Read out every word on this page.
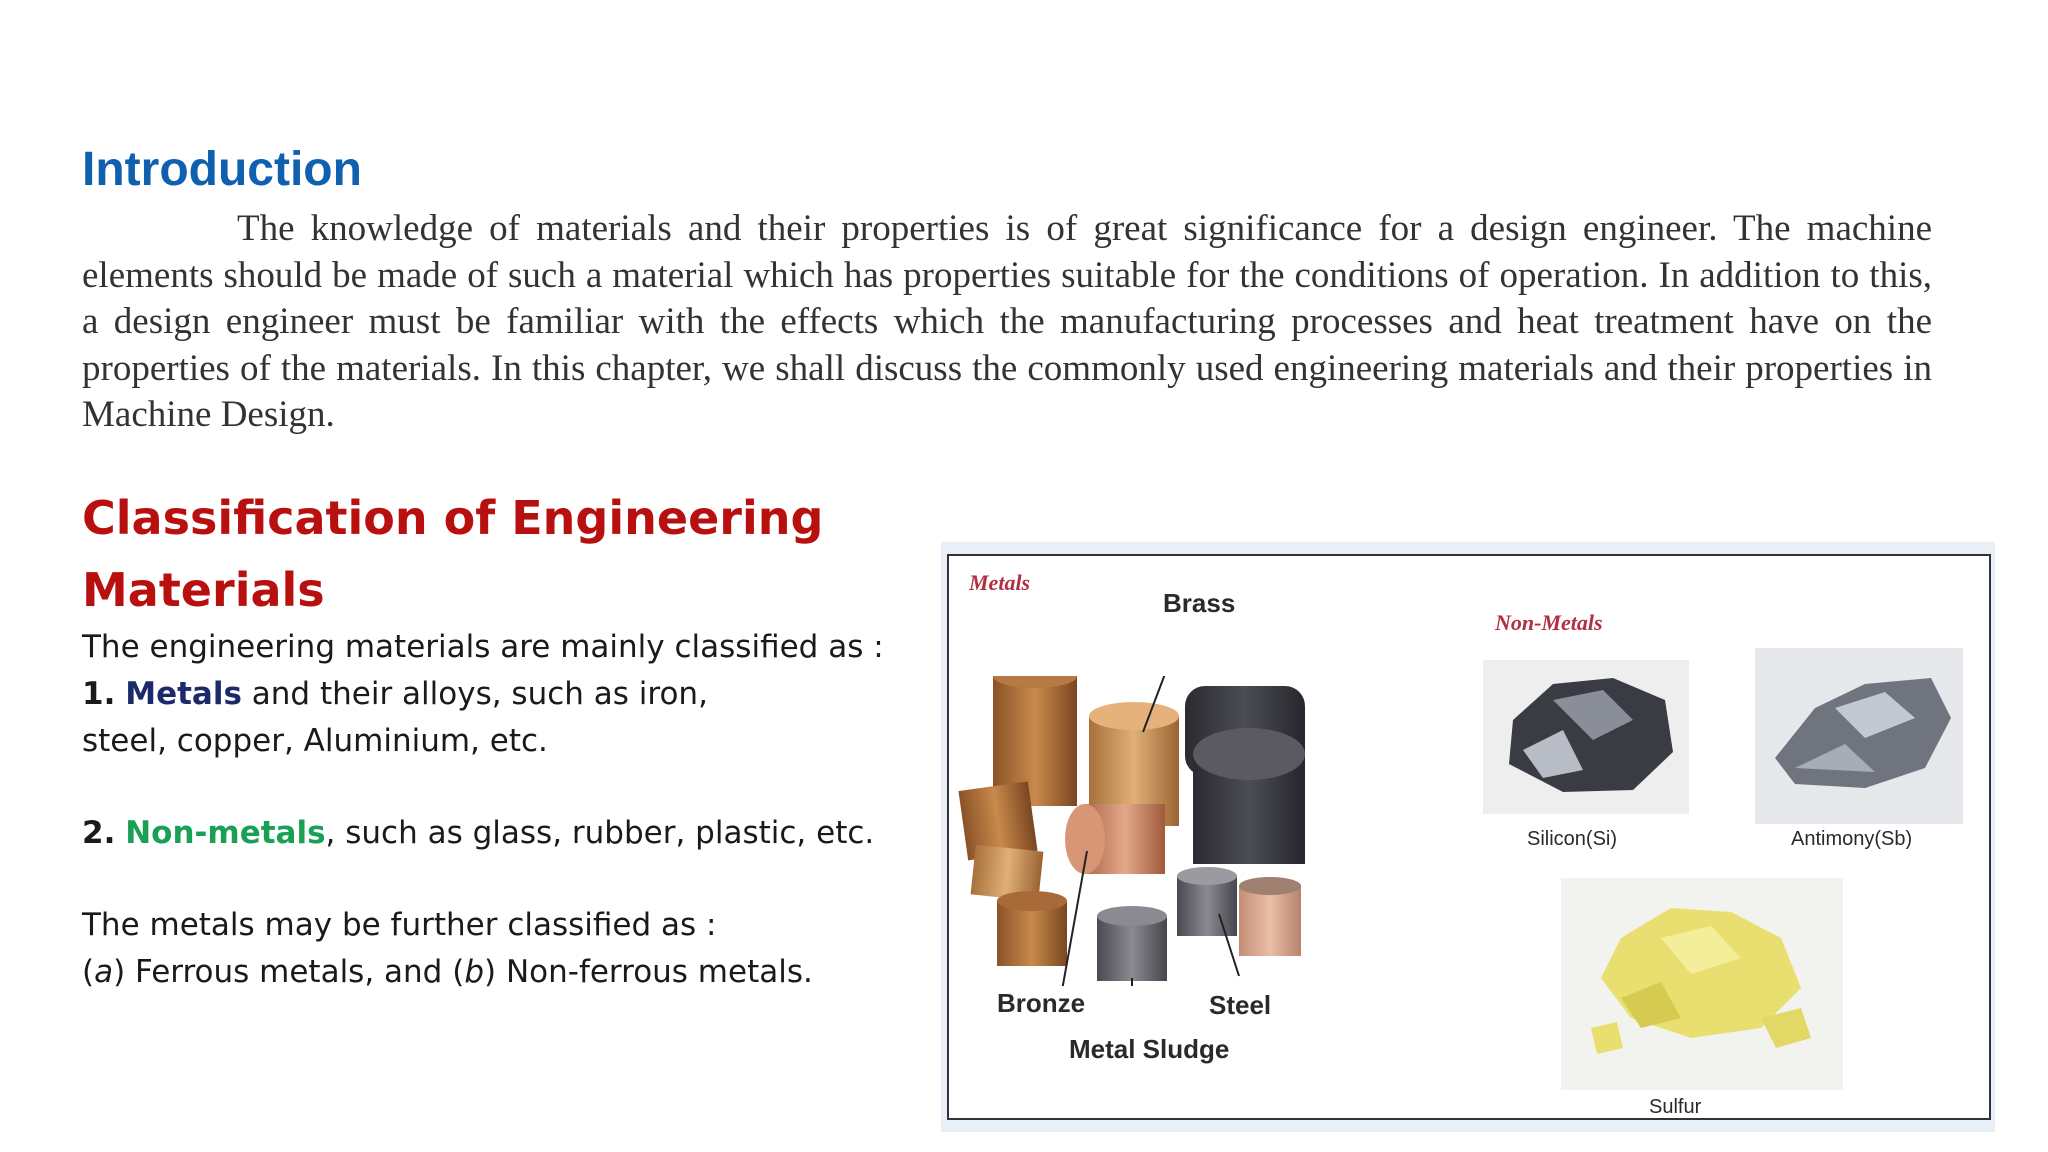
Introduction

The knowledge of materials and their properties is of great significance for a design engineer. The machine elements should be made of such a material which has properties suitable for the conditions of operation. In addition to this, a design engineer must be familiar with the effects which the manufacturing processes and heat treatment have on the properties of the materials. In this chapter, we shall discuss the commonly used engineering materials and their properties in Machine Design.

Classification of Engineering Materials

The engineering materials are mainly classified as :

1. Metals and their alloys, such as iron,

steel, copper, Aluminium, etc.

2. Non-metals, such as glass, rubber, plastic, etc.

The metals may be further classified as :

(a) Ferrous metals, and (b) Non-ferrous metals.

Metals
Non-Metals
Brass
Bronze	Steel
Metal Sludge
Silicon(Si)	Antimony(Sb)
Sulfur
